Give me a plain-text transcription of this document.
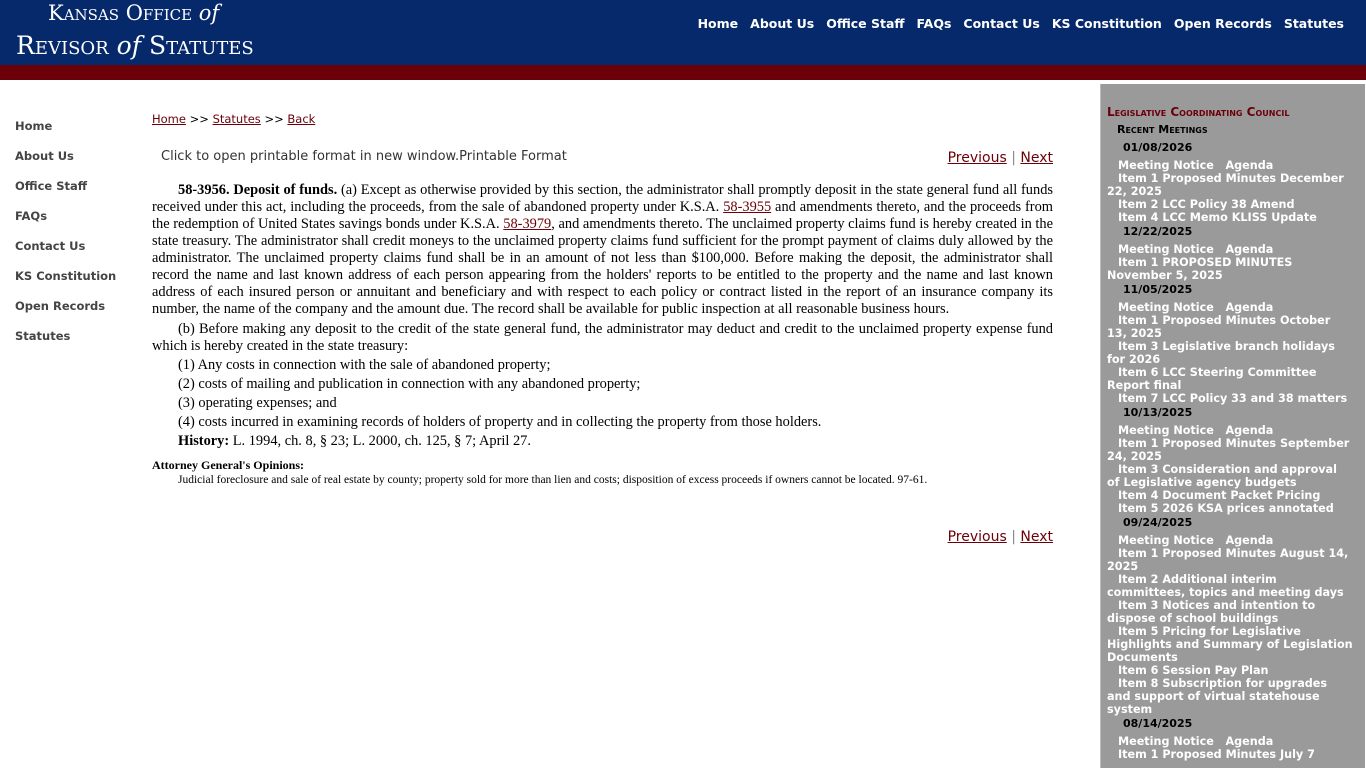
Kansas Office of
Revisor of Statutes
Home About Us Office Staff FAQs Contact Us KS Constitution Open Records Statutes
Home
About Us
Office Staff
FAQs
Contact Us
KS Constitution
Open Records
Statutes
Home >> Statutes >> Back
Click to open printable format in new window.Printable Format	Previous | Next

58-3956. Deposit of funds. (a) Except as otherwise provided by this section, the administrator shall promptly deposit in the state general fund all funds received under this act, including the proceeds, from the sale of abandoned property under K.S.A. 58-3955 and amendments thereto, and the proceeds from the redemption of United States savings bonds under K.S.A. 58-3979, and amendments thereto. The unclaimed property claims fund is hereby created in the state treasury. The administrator shall credit moneys to the unclaimed property claims fund sufficient for the prompt payment of claims duly allowed by the administrator. The unclaimed property claims fund shall be in an amount of not less than $100,000. Before making the deposit, the administrator shall record the name and last known address of each person appearing from the holders' reports to be entitled to the property and the name and last known address of each insured person or annuitant and beneficiary and with respect to each policy or contract listed in the report of an insurance company its number, the name of the company and the amount due. The record shall be available for public inspection at all reasonable business hours.

(b) Before making any deposit to the credit of the state general fund, the administrator may deduct and credit to the unclaimed property expense fund which is hereby created in the state treasury:

(1) Any costs in connection with the sale of abandoned property;

(2) costs of mailing and publication in connection with any abandoned property;

(3) operating expenses; and

(4) costs incurred in examining records of holders of property and in collecting the property from those holders.

History: L. 1994, ch. 8, § 23; L. 2000, ch. 125, § 7; April 27.

Attorney General's Opinions:
Judicial foreclosure and sale of real estate by county; property sold for more than lien and costs; disposition of excess proceeds if owners cannot be located. 97-61.
Previous | Next
Legislative Coordinating Council
Recent Meetings
01/08/2026
Meeting Notice Agenda
Item 1 Proposed Minutes December 22, 2025
Item 2 LCC Policy 38 Amend
Item 4 LCC Memo KLISS Update
12/22/2025
Meeting Notice Agenda
Item 1 PROPOSED MINUTES November 5, 2025
11/05/2025
Meeting Notice Agenda
Item 1 Proposed Minutes October 13, 2025
Item 3 Legislative branch holidays for 2026
Item 6 LCC Steering Committee Report final
Item 7 LCC Policy 33 and 38 matters
10/13/2025
Meeting Notice Agenda
Item 1 Proposed Minutes September 24, 2025
Item 3 Consideration and approval of Legislative agency budgets
Item 4 Document Packet Pricing
Item 5 2026 KSA prices annotated
09/24/2025
Meeting Notice Agenda
Item 1 Proposed Minutes August 14, 2025
Item 2 Additional interim committees, topics and meeting days
Item 3 Notices and intention to dispose of school buildings
Item 5 Pricing for Legislative Highlights and Summary of Legislation Documents
Item 6 Session Pay Plan
Item 8 Subscription for upgrades and support of virtual statehouse system
08/14/2025
Meeting Notice Agenda
Item 1 Proposed Minutes July 7
